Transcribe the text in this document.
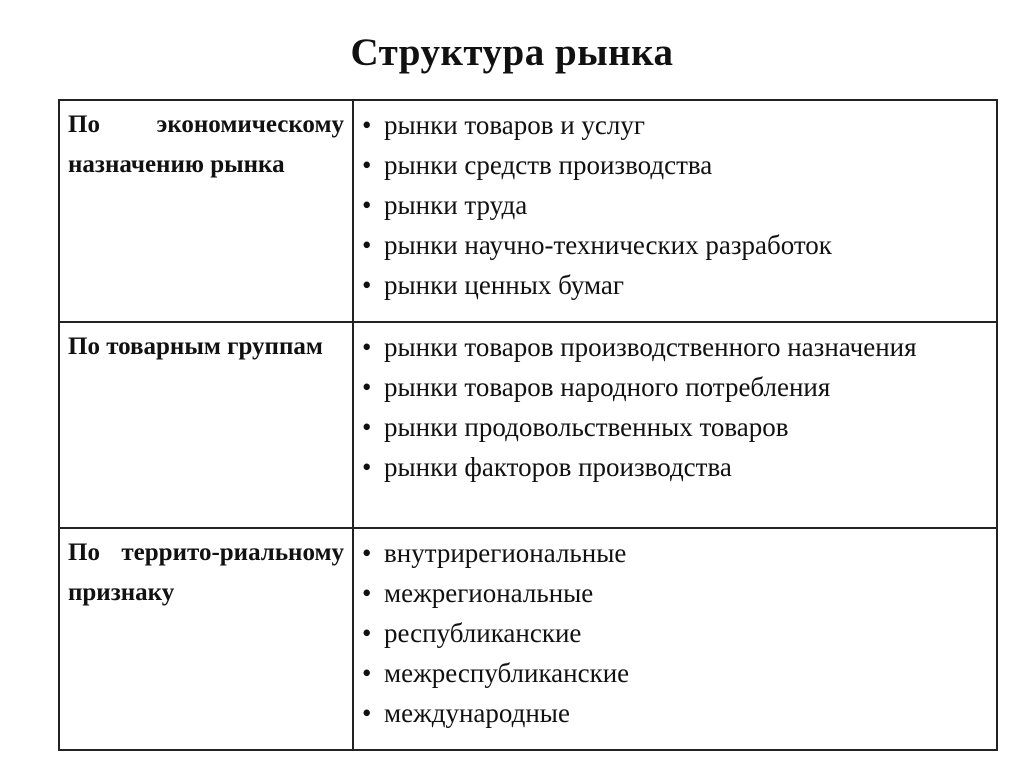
Структура рынка
По экономическому назначению рынка	• рынки товаров и услуг
• рынки средств производства
• рынки труда
• рынки научно-технических разработок
• рынки ценных бумаг

По товарным группам	• рынки товаров производственного назначения
• рынки товаров народного потребления
• рынки продовольственных товаров
• рынки факторов производства

По террито-риальному признаку	• внутрирегиональные
• межрегиональные
• республиканские
• межреспубликанские
• международные
